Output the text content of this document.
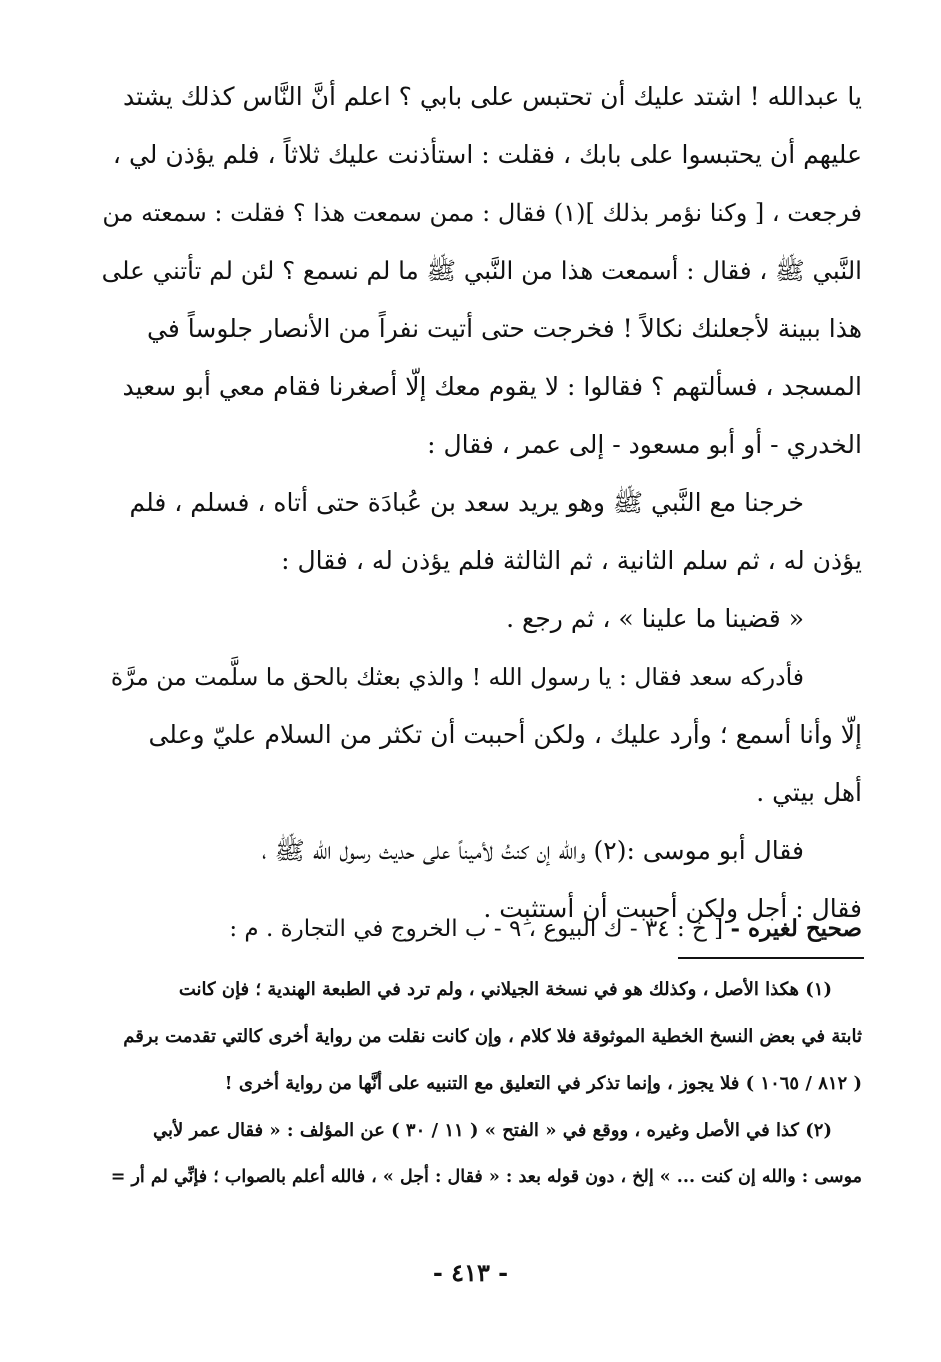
يا عبدالله ! اشتد عليك أن تحتبس على بابي ؟ اعلم أنَّ النَّاس كذلك يشتد
عليهم أن يحتبسوا على بابك ، فقلت : استأذنت عليك ثلاثاً ، فلم يؤذن لي ،
فرجعت ، [ وكنا نؤمر بذلك ](١) فقال : ممن سمعت هذا ؟ فقلت : سمعته من
النَّبي ﷺ ، فقال : أسمعت هذا من النَّبي ﷺ ما لم نسمع ؟ لئن لم تأتني على
هذا ببينة لأجعلنك نكالاً ! فخرجت حتى أتيت نفراً من الأنصار جلوساً في
المسجد ، فسألتهم ؟ فقالوا : لا يقوم معك إلّا أصغرنا فقام معي أبو سعيد
الخدري - أو أبو مسعود - إلى عمر ، فقال :
خرجنا مع النَّبي ﷺ وهو يريد سعد بن عُبادَة حتى أتاه ، فسلم ، فلم
يؤذن له ، ثم سلم الثانية ، ثم الثالثة فلم يؤذن له ، فقال :
« قضينا ما علينا » ، ثم رجع .
فأدركه سعد فقال : يا رسول الله ! والذي بعثك بالحق ما سلَّمت من مرَّة
إلّا وأنا أسمع ؛ وأرد عليك ، ولكن أحببت أن تكثر من السلام عليّ وعلى
أهل بيتي .
فقال أبو موسى :(٢) والله إن كنتُ لأميناً على حديث رسول الله ﷺ ،
فقال : أجل ولكن أحببت أن أستثبِت .
صحيح لغيره - [ خ : ٣٤ - ك البيوع ، ٩ - ب الخروج في التجارة . م :
(١) هكذا الأصل ، وكذلك هو في نسخة الجيلاني ، ولم ترد في الطبعة الهندية ؛ فإن كانت
ثابتة في بعض النسخ الخطية الموثوقة فلا كلام ، وإن كانت نقلت من رواية أخرى كالتي تقدمت برقم
( ٨١٢ / ١٠٦٥ ) فلا يجوز ، وإنما تذكر في التعليق مع التنبيه على أنَّها من رواية أخرى !
(٢) كذا في الأصل وغيره ، ووقع في « الفتح » ( ١١ / ٣٠ ) عن المؤلف : « فقال عمر لأبي
موسى : والله إن كنت ... » إلخ ، دون قوله بعد : « فقال : أجل » ، فالله أعلم بالصواب ؛ فإنِّي لم أر =
- ٤١٣ -
